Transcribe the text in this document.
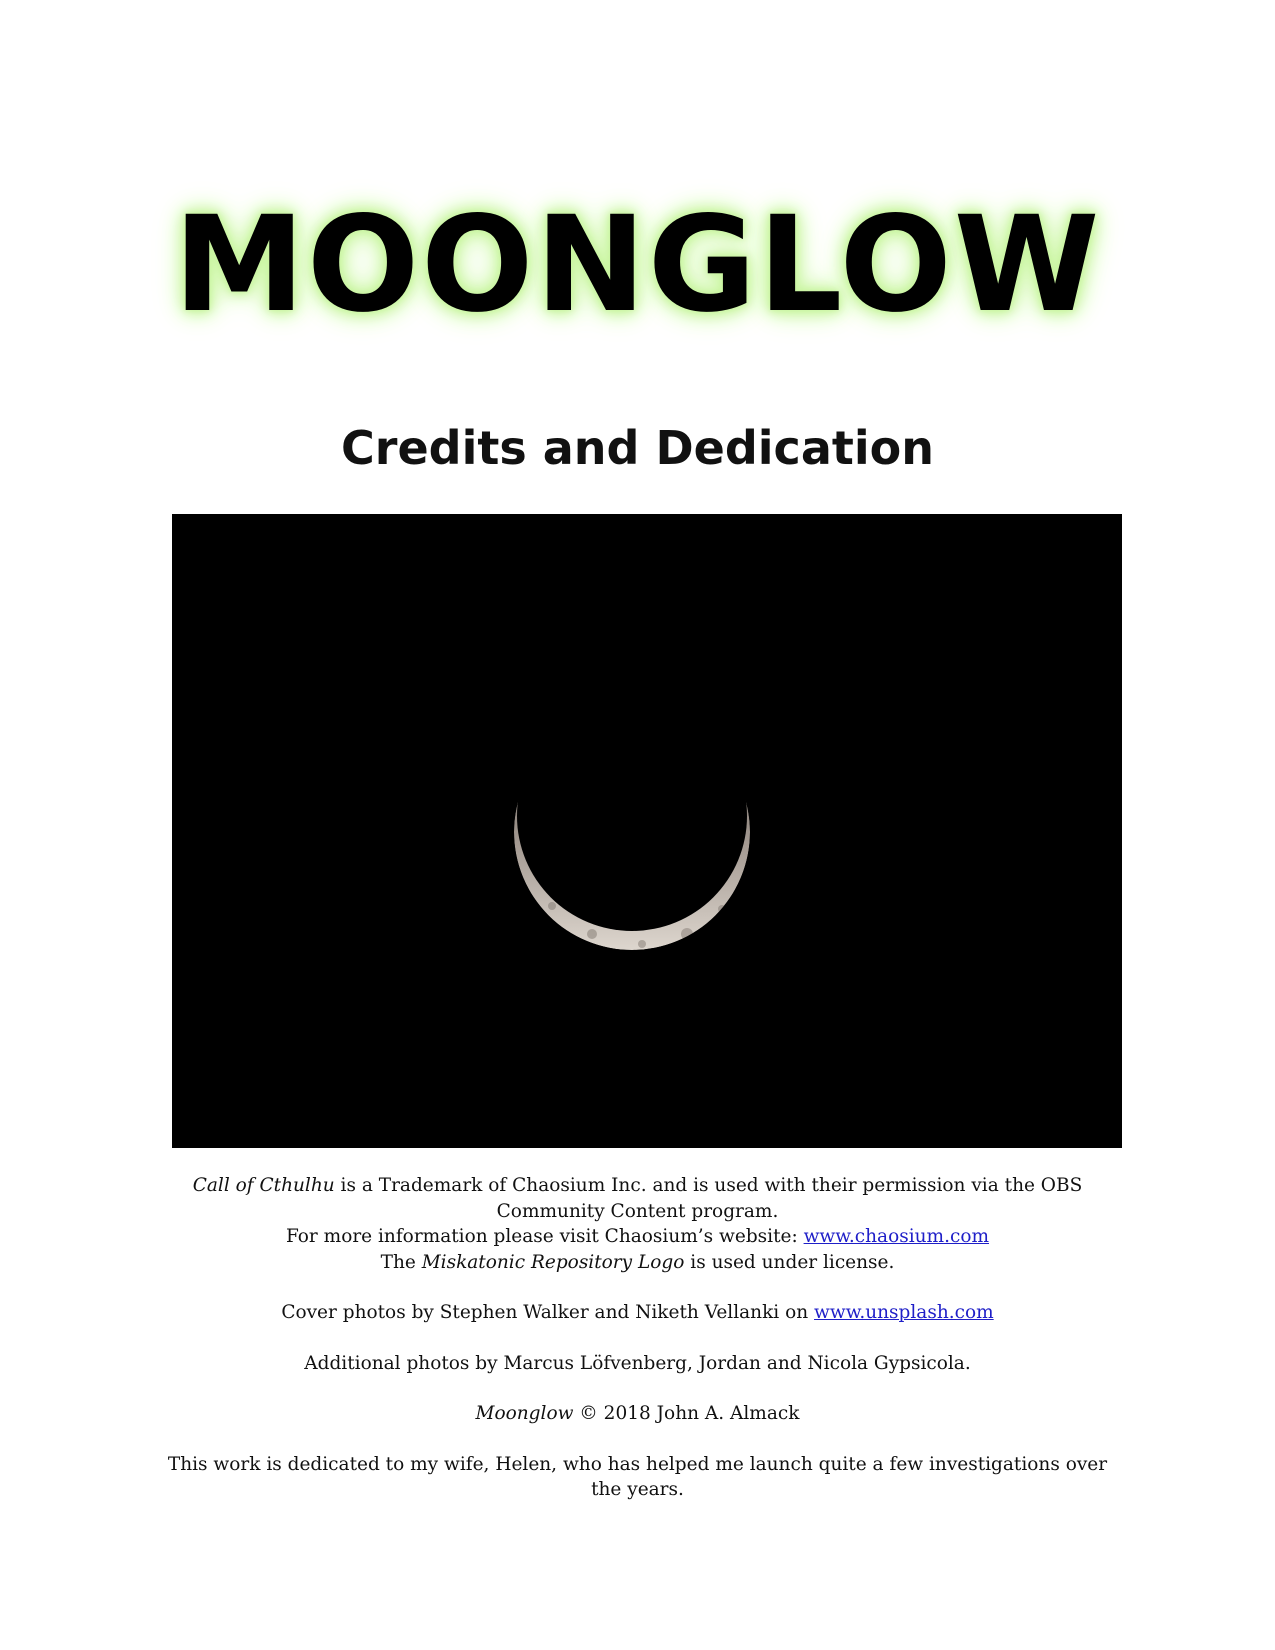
MOONGLOW
Credits and Dedication

Call of Cthulhu is a Trademark of Chaosium Inc. and is used with their permission via the OBS Community Content program.

For more information please visit Chaosium’s website: www.chaosium.com

The Miskatonic Repository Logo is used under license.

Cover photos by Stephen Walker and Niketh Vellanki on www.unsplash.com

Additional photos by Marcus Löfvenberg, Jordan and Nicola Gypsicola.

Moonglow © 2018 John A. Almack

This work is dedicated to my wife, Helen, who has helped me launch quite a few investigations over the years.
